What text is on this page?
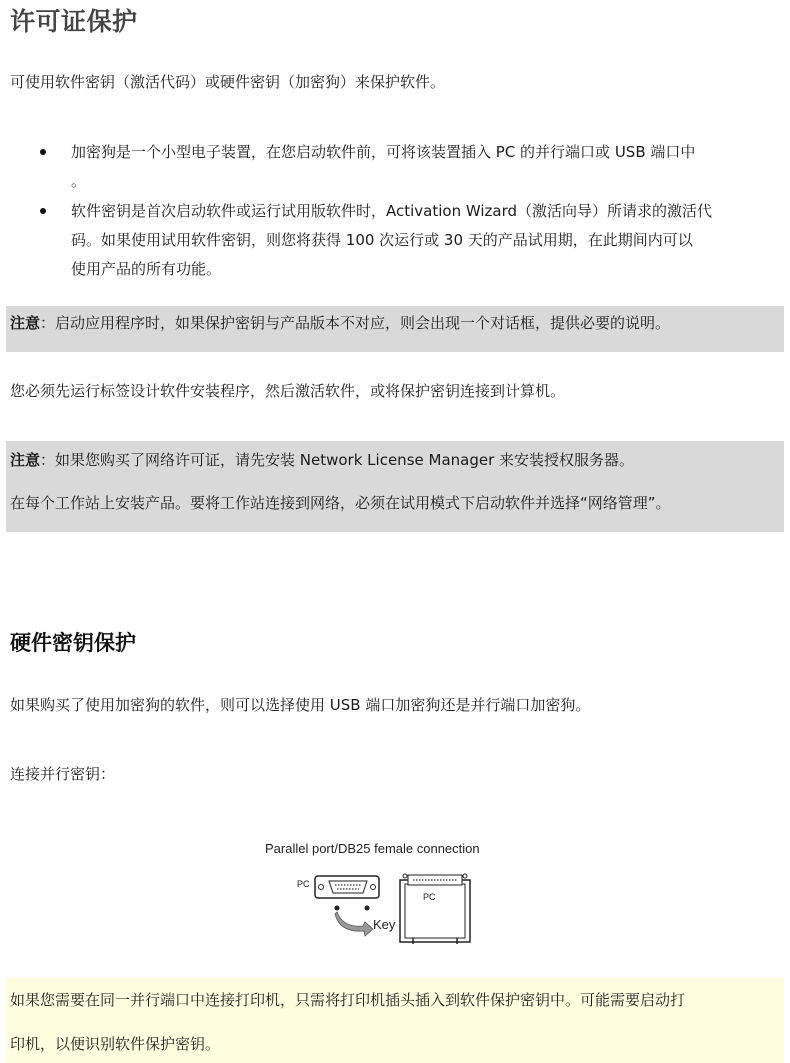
许可证保护
可使用软件密钥（激活代码）或硬件密钥（加密狗）来保护软件。
加密狗是一个小型电子装置，在您启动软件前，可将该装置插入 PC 的并行端口或 USB 端口中
。
软件密钥是首次启动软件或运行试用版软件时，Activation Wizard（激活向导）所请求的激活代
码。如果使用试用软件密钥，则您将获得 100 次运行或 30 天的产品试用期，在此期间内可以
使用产品的所有功能。
注意：启动应用程序时，如果保护密钥与产品版本不对应，则会出现一个对话框，提供必要的说明。
您必须先运行标签设计软件安装程序，然后激活软件，或将保护密钥连接到计算机。
注意：如果您购买了网络许可证，请先安装 Network License Manager 来安装授权服务器。
在每个工作站上安装产品。要将工作站连接到网络，必须在试用模式下启动软件并选择“网络管理”。
硬件密钥保护
如果购买了使用加密狗的软件，则可以选择使用 USB 端口加密狗还是并行端口加密狗。
连接并行密钥：
Parallel port/DB25 female connection
PC
PC
Key
如果您需要在同一并行端口中连接打印机，只需将打印机插头插入到软件保护密钥中。可能需要启动打
印机，以便识别软件保护密钥。
